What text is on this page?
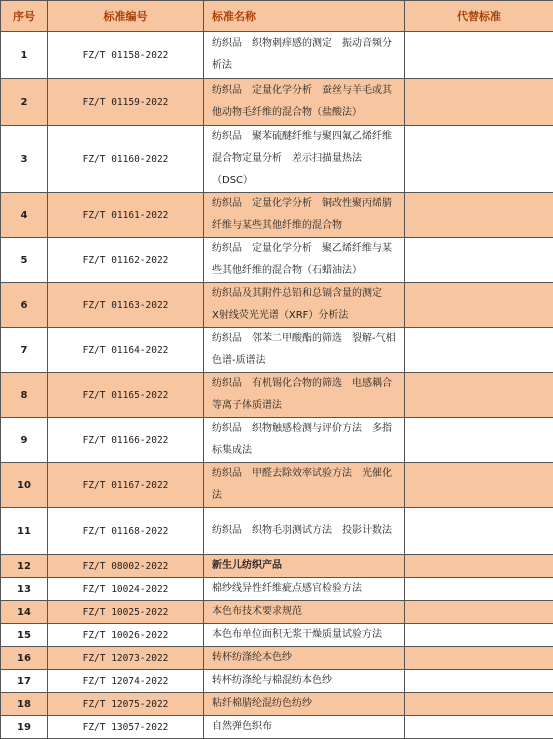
序号	标准编号	标准名称	代替标准
1	FZ/T 01158-2022	纺织品　织物刺痒感的测定　振动音频分析法	
2	FZ/T 01159-2022	纺织品　定量化学分析　蚕丝与羊毛或其他动物毛纤维的混合物（盐酸法）	
3	FZ/T 01160-2022	纺织品　聚苯硫醚纤维与聚四氟乙烯纤维混合物定量分析　差示扫描量热法（DSC）	
4	FZ/T 01161-2022	纺织品　定量化学分析　铜改性聚丙烯腈纤维与某些其他纤维的混合物	
5	FZ/T 01162-2022	纺织品　定量化学分析　聚乙烯纤维与某些其他纤维的混合物（石蜡油法）	
6	FZ/T 01163-2022	纺织品及其附件总铅和总镉含量的测定　X射线荧光光谱（XRF）分析法	
7	FZ/T 01164-2022	纺织品　邻苯二甲酸酯的筛选　裂解-气相色谱-质谱法	
8	FZ/T 01165-2022	纺织品　有机锡化合物的筛选　电感耦合等离子体质谱法	
9	FZ/T 01166-2022	纺织品　织物触感检测与评价方法　多指标集成法	
10	FZ/T 01167-2022	纺织品　甲醛去除效率试验方法　光催化法	
11	FZ/T 01168-2022	纺织品　织物毛羽测试方法　投影计数法	
12	FZ/T 08002-2022	新生儿纺织产品	
13	FZ/T 10024-2022	棉纱线异性纤维疵点感官检验方法	
14	FZ/T 10025-2022	本色布技术要求规范	
15	FZ/T 10026-2022	本色布单位面积无浆干燥质量试验方法	
16	FZ/T 12073-2022	转杯纺涤纶本色纱	
17	FZ/T 12074-2022	转杯纺涤纶与棉混纺本色纱	
18	FZ/T 12075-2022	粘纤棉腈纶混纺色纺纱	
19	FZ/T 13057-2022	自然弹色织布	
